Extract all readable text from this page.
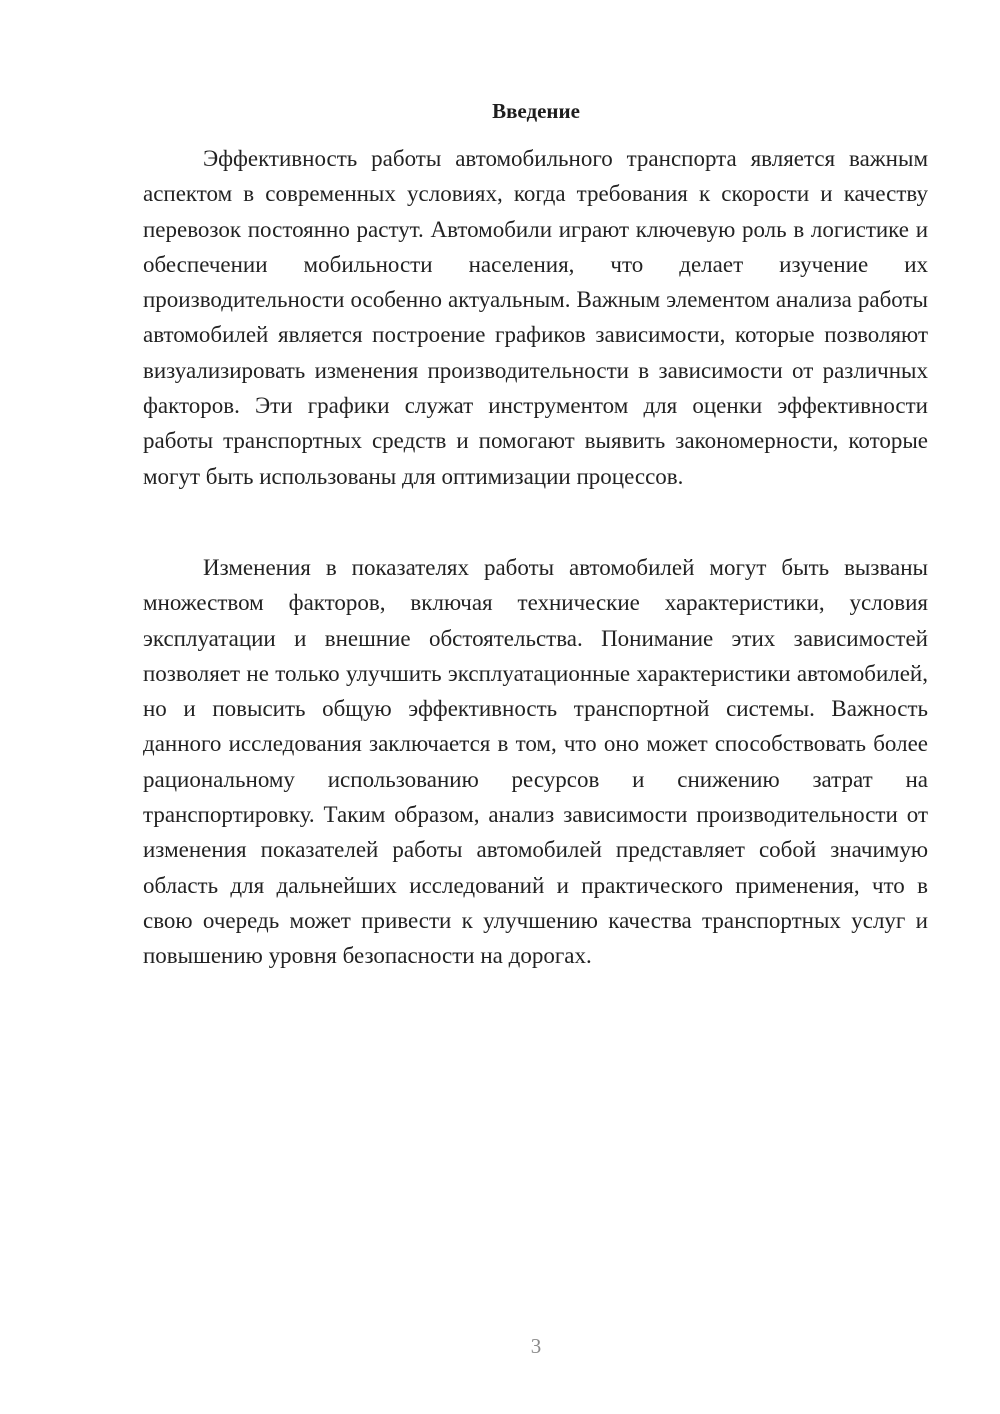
Введение

Эффективность работы автомобильного транспорта является важным аспектом в современных условиях, когда требования к скорости и качеству перевозок постоянно растут. Автомобили играют ключевую роль в логистике и обеспечении мобильности населения, что делает изучение их производительности особенно актуальным. Важным элементом анализа работы автомобилей является построение графиков зависимости, которые позволяют визуализировать изменения производительности в зависимости от различных факторов. Эти графики служат инструментом для оценки эффективности работы транспортных средств и помогают выявить закономерности, которые могут быть использованы для оптимизации процессов.

Изменения в показателях работы автомобилей могут быть вызваны множеством факторов, включая технические характеристики, условия эксплуатации и внешние обстоятельства. Понимание этих зависимостей позволяет не только улучшить эксплуатационные характеристики автомобилей, но и повысить общую эффективность транспортной системы. Важность данного исследования заключается в том, что оно может способствовать более рациональному использованию ресурсов и снижению затрат на транспортировку. Таким образом, анализ зависимости производительности от изменения показателей работы автомобилей представляет собой значимую область для дальнейших исследований и практического применения, что в свою очередь может привести к улучшению качества транспортных услуг и повышению уровня безопасности на дорогах.

3
